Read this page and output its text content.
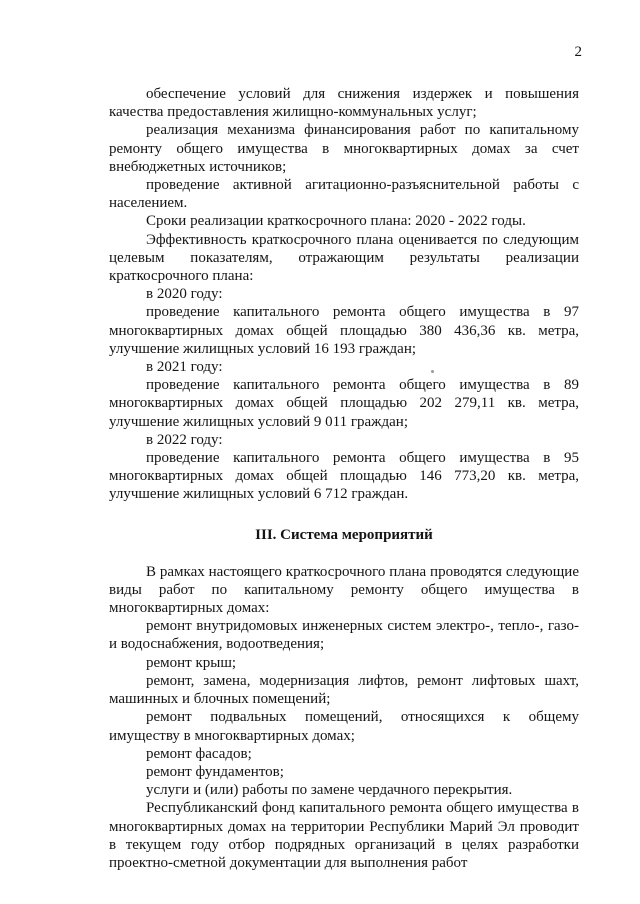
2

обеспечение условий для снижения издержек и повышения качества предоставления жилищно-коммунальных услуг;

реализация механизма финансирования работ по капитальному ремонту общего имущества в многоквартирных домах за счет внебюджетных источников;

проведение активной агитационно-разъяснительной работы с населением.

Сроки реализации краткосрочного плана: 2020 - 2022 годы.

Эффективность краткосрочного плана оценивается по следующим целевым показателям, отражающим результаты реализации краткосрочного плана:

в 2020 году:

проведение капитального ремонта общего имущества в 97 многоквартирных домах общей площадью 380 436,36 кв. метра, улучшение жилищных условий 16 193 граждан;

в 2021 году:

проведение капитального ремонта общего имущества в 89 многоквартирных домах общей площадью 202 279,11 кв. метра, улучшение жилищных условий 9 011 граждан;

в 2022 году:

проведение капитального ремонта общего имущества в 95 многоквартирных домах общей площадью 146 773,20 кв. метра, улучшение жилищных условий 6 712 граждан.

III. Система мероприятий

В рамках настоящего краткосрочного плана проводятся следующие виды работ по капитальному ремонту общего имущества в многоквартирных домах:

ремонт внутридомовых инженерных систем электро-, тепло-, газо- и водоснабжения, водоотведения;

ремонт крыш;

ремонт, замена, модернизация лифтов, ремонт лифтовых шахт, машинных и блочных помещений;

ремонт подвальных помещений, относящихся к общему имуществу в многоквартирных домах;

ремонт фасадов;

ремонт фундаментов;

услуги и (или) работы по замене чердачного перекрытия.

Республиканский фонд капитального ремонта общего имущества в многоквартирных домах на территории Республики Марий Эл проводит в текущем году отбор подрядных организаций в целях разработки проектно-сметной документации для выполнения работ
